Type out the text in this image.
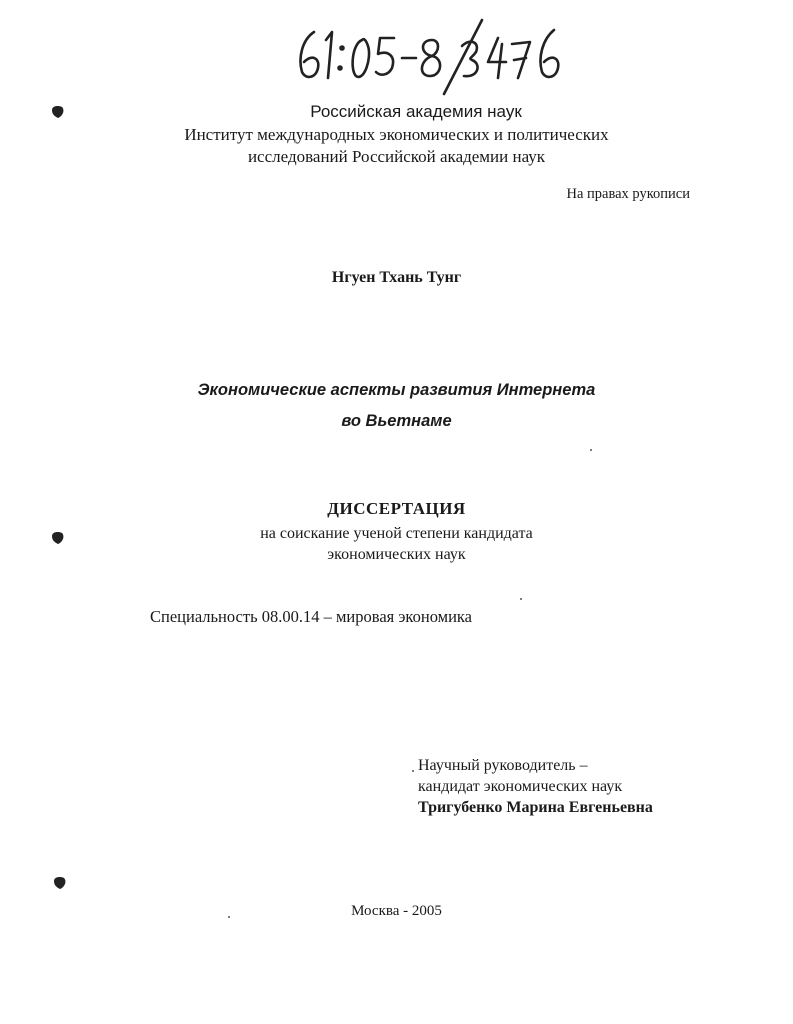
Российская академия наук
Институт международных экономических и политических
исследований Российской академии наук
На правах рукописи
Нгуен Тхань Тунг
Экономические аспекты развития Интернета
во Вьетнаме
ДИССЕРТАЦИЯ
на соискание ученой степени кандидата
экономических наук
Специальность 08.00.14 – мировая экономика
Научный руководитель –
кандидат экономических наук
Тригубенко Марина Евгеньевна
Москва - 2005
